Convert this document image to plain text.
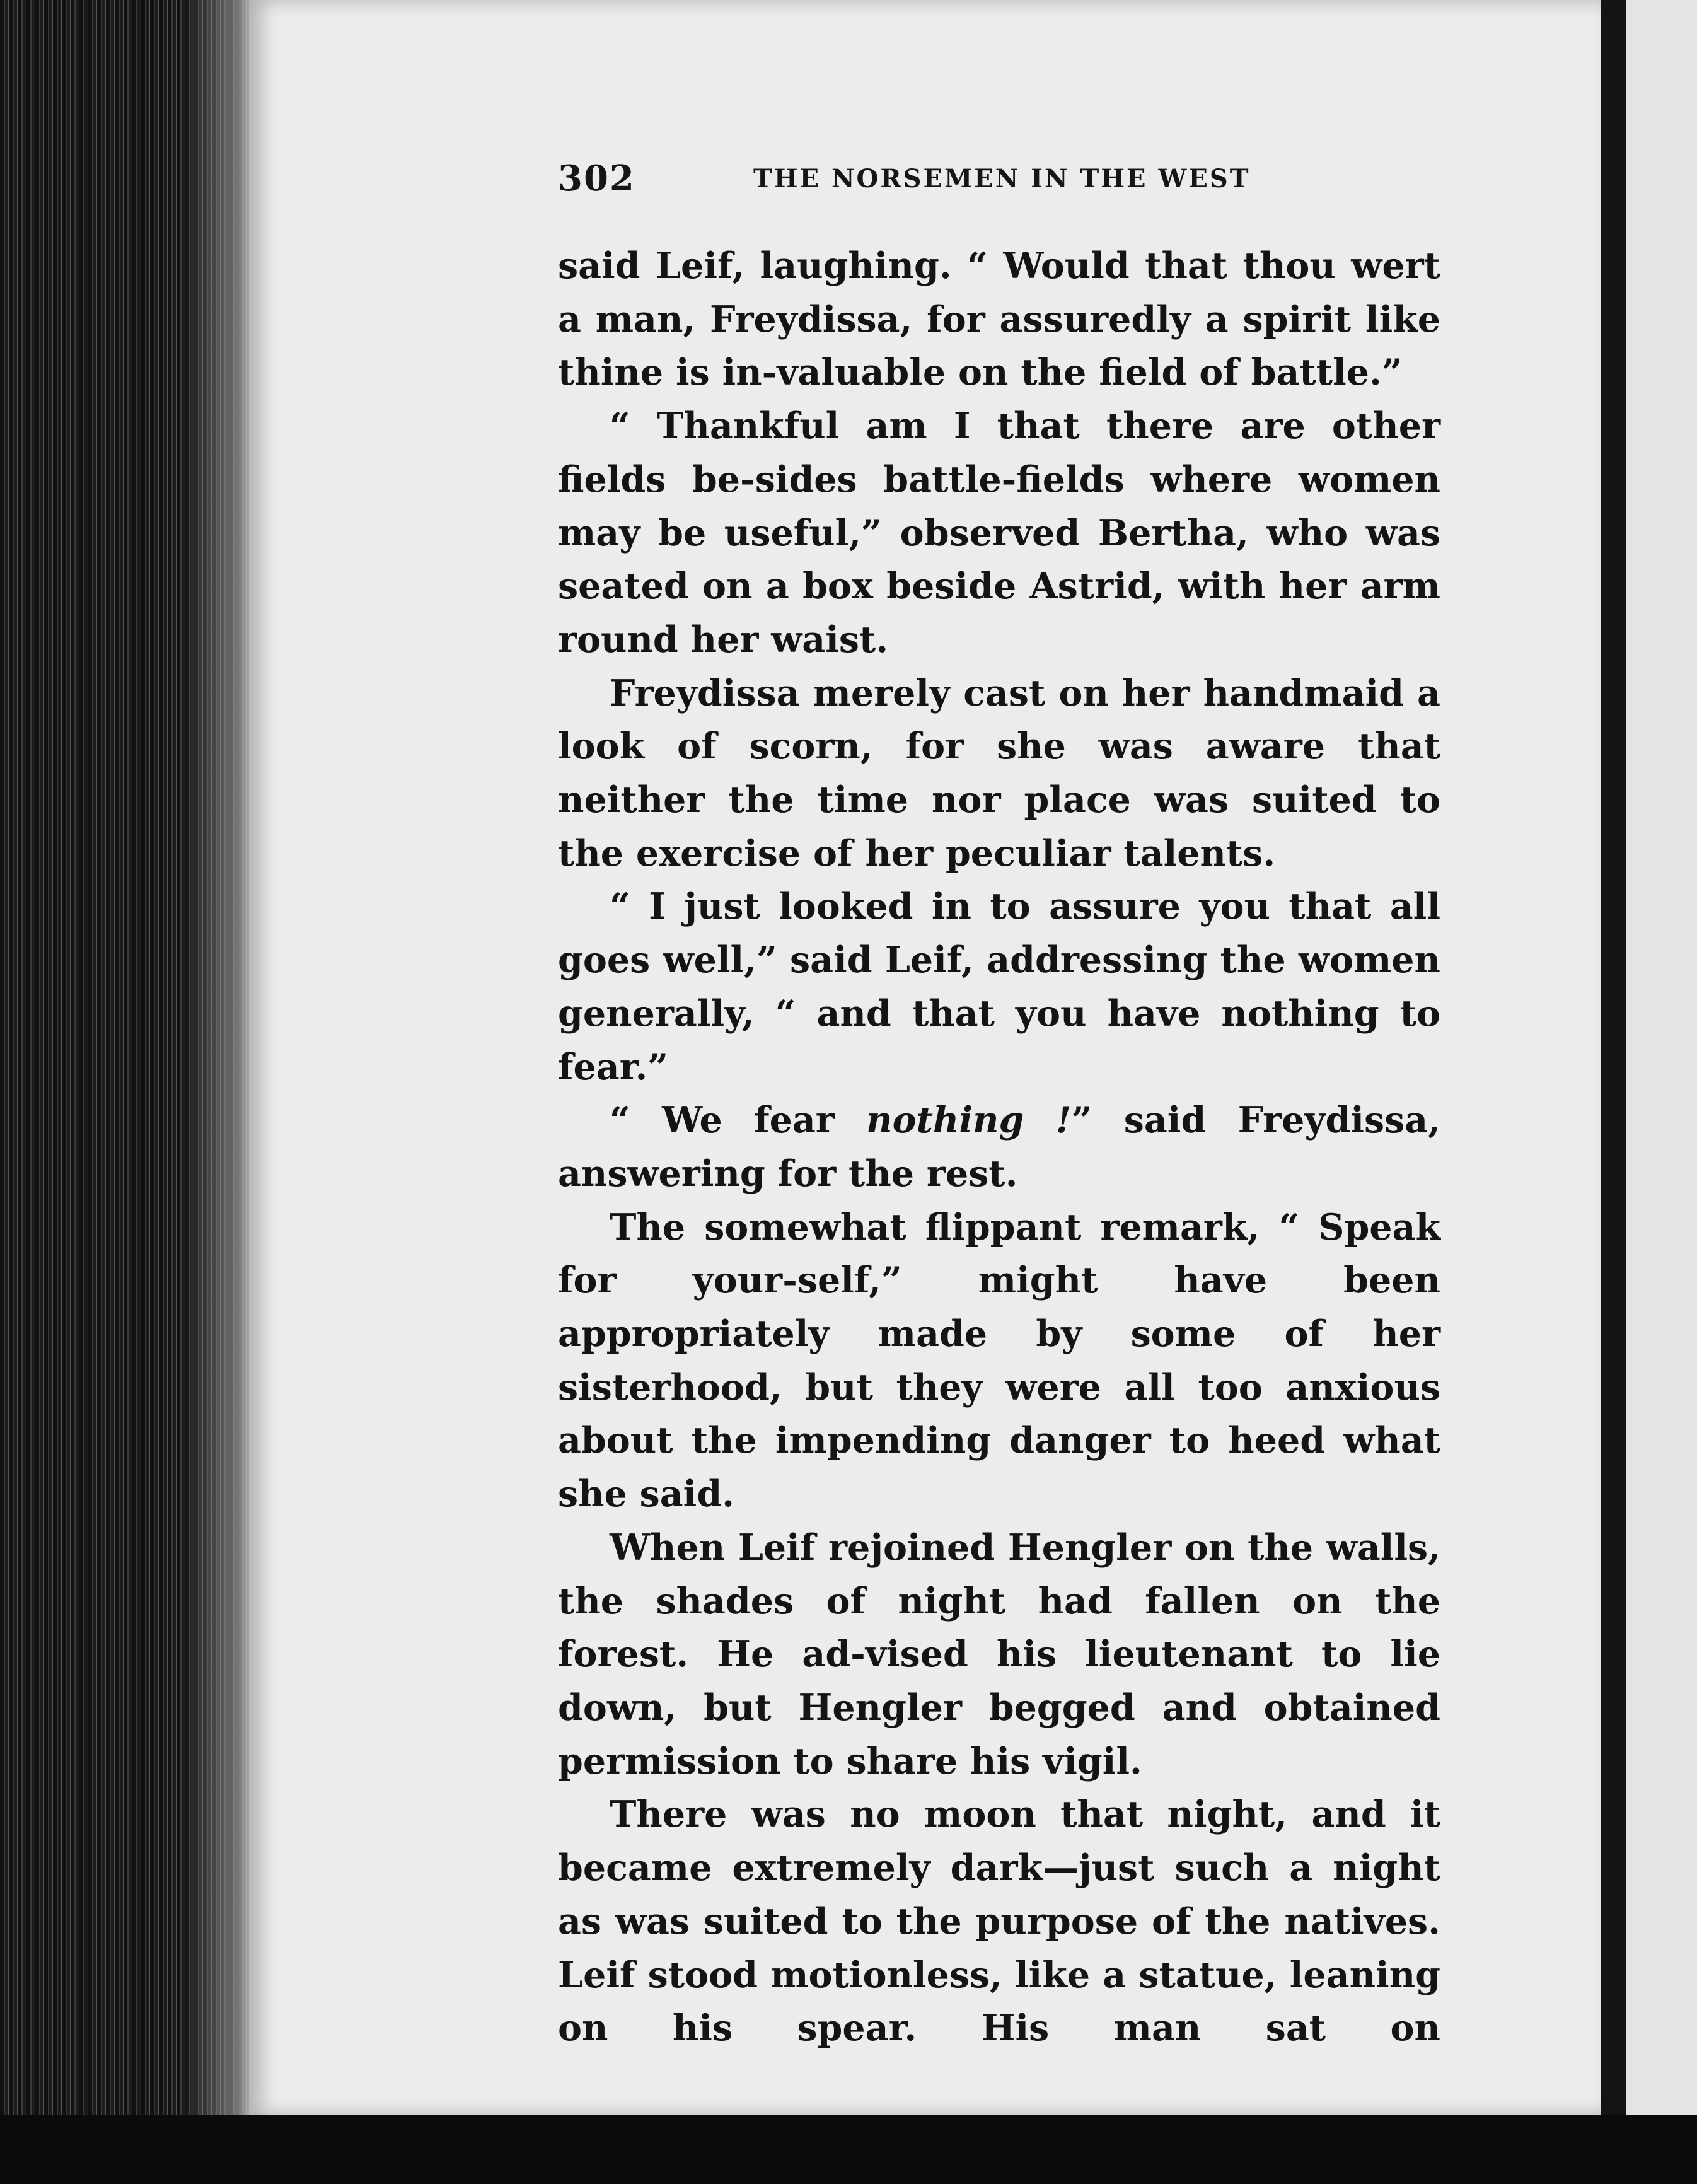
302	THE NORSEMEN IN THE WEST

said Leif, laughing. “ Would that thou wert a man, Freydissa, for assuredly a spirit like thine is in-valuable on the field of battle.”

“ Thankful am I that there are other fields be-sides battle-fields where women may be useful,” observed Bertha, who was seated on a box beside Astrid, with her arm round her waist.

Freydissa merely cast on her handmaid a look of scorn, for she was aware that neither the time nor place was suited to the exercise of her peculiar talents.

“ I just looked in to assure you that all goes well,” said Leif, addressing the women generally, “ and that you have nothing to fear.”

“ We fear nothing !” said Freydissa, answering for the rest.

The somewhat flippant remark, “ Speak for your-self,” might have been appropriately made by some of her sisterhood, but they were all too anxious about the impending danger to heed what she said.

When Leif rejoined Hengler on the walls, the shades of night had fallen on the forest. He ad-vised his lieutenant to lie down, but Hengler begged and obtained permission to share his vigil.

There was no moon that night, and it became extremely dark—just such a night as was suited to the purpose of the natives. Leif stood motionless, like a statue, leaning on his spear. His man sat on
